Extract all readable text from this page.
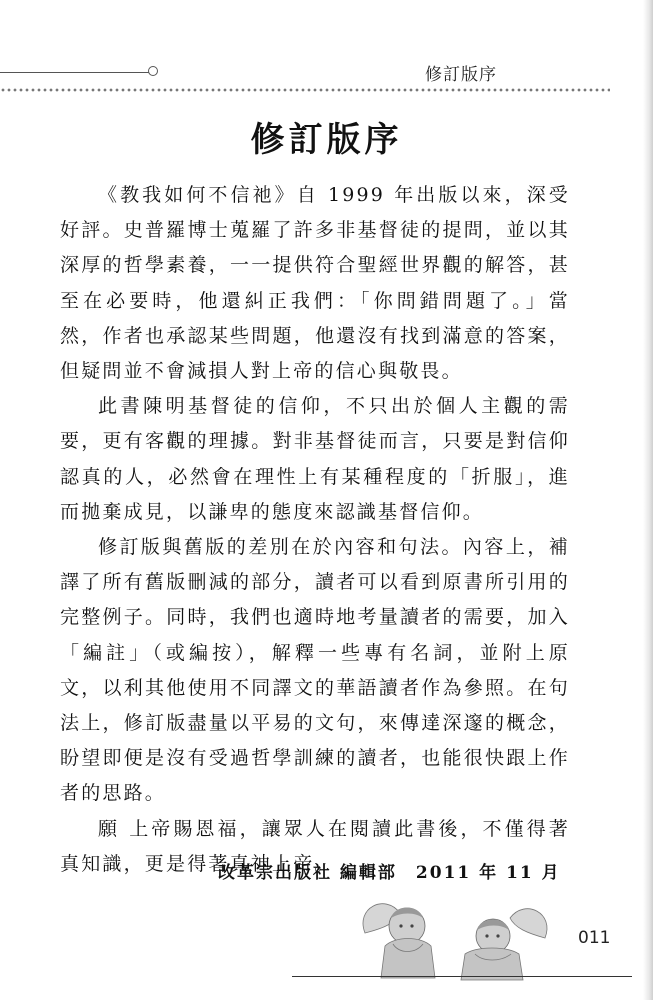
修訂版序
修訂版序

《教我如何不信祂》自 1999 年出版以來，深受好評。史普羅博士蒐羅了許多非基督徒的提問，並以其深厚的哲學素養，一一提供符合聖經世界觀的解答，甚至在必要時，他還糾正我們：「你問錯問題了。」當然，作者也承認某些問題，他還沒有找到滿意的答案，但疑問並不會減損人對上帝的信心與敬畏。

此書陳明基督徒的信仰，不只出於個人主觀的需要，更有客觀的理據。對非基督徒而言，只要是對信仰認真的人，必然會在理性上有某種程度的「折服」，進而拋棄成見，以謙卑的態度來認識基督信仰。

修訂版與舊版的差別在於內容和句法。內容上，補譯了所有舊版刪減的部分，讀者可以看到原書所引用的完整例子。同時，我們也適時地考量讀者的需要，加入「編註」（或編按），解釋一些專有名詞，並附上原文，以利其他使用不同譯文的華語讀者作為參照。在句法上，修訂版盡量以平易的文句，來傳達深邃的概念，盼望即便是沒有受過哲學訓練的讀者，也能很快跟上作者的思路。

願 上帝賜恩福，讓眾人在閱讀此書後，不僅得著真知識，更是得著真神上帝。

改革宗出版社 編輯部　2011 年 11 月
011
